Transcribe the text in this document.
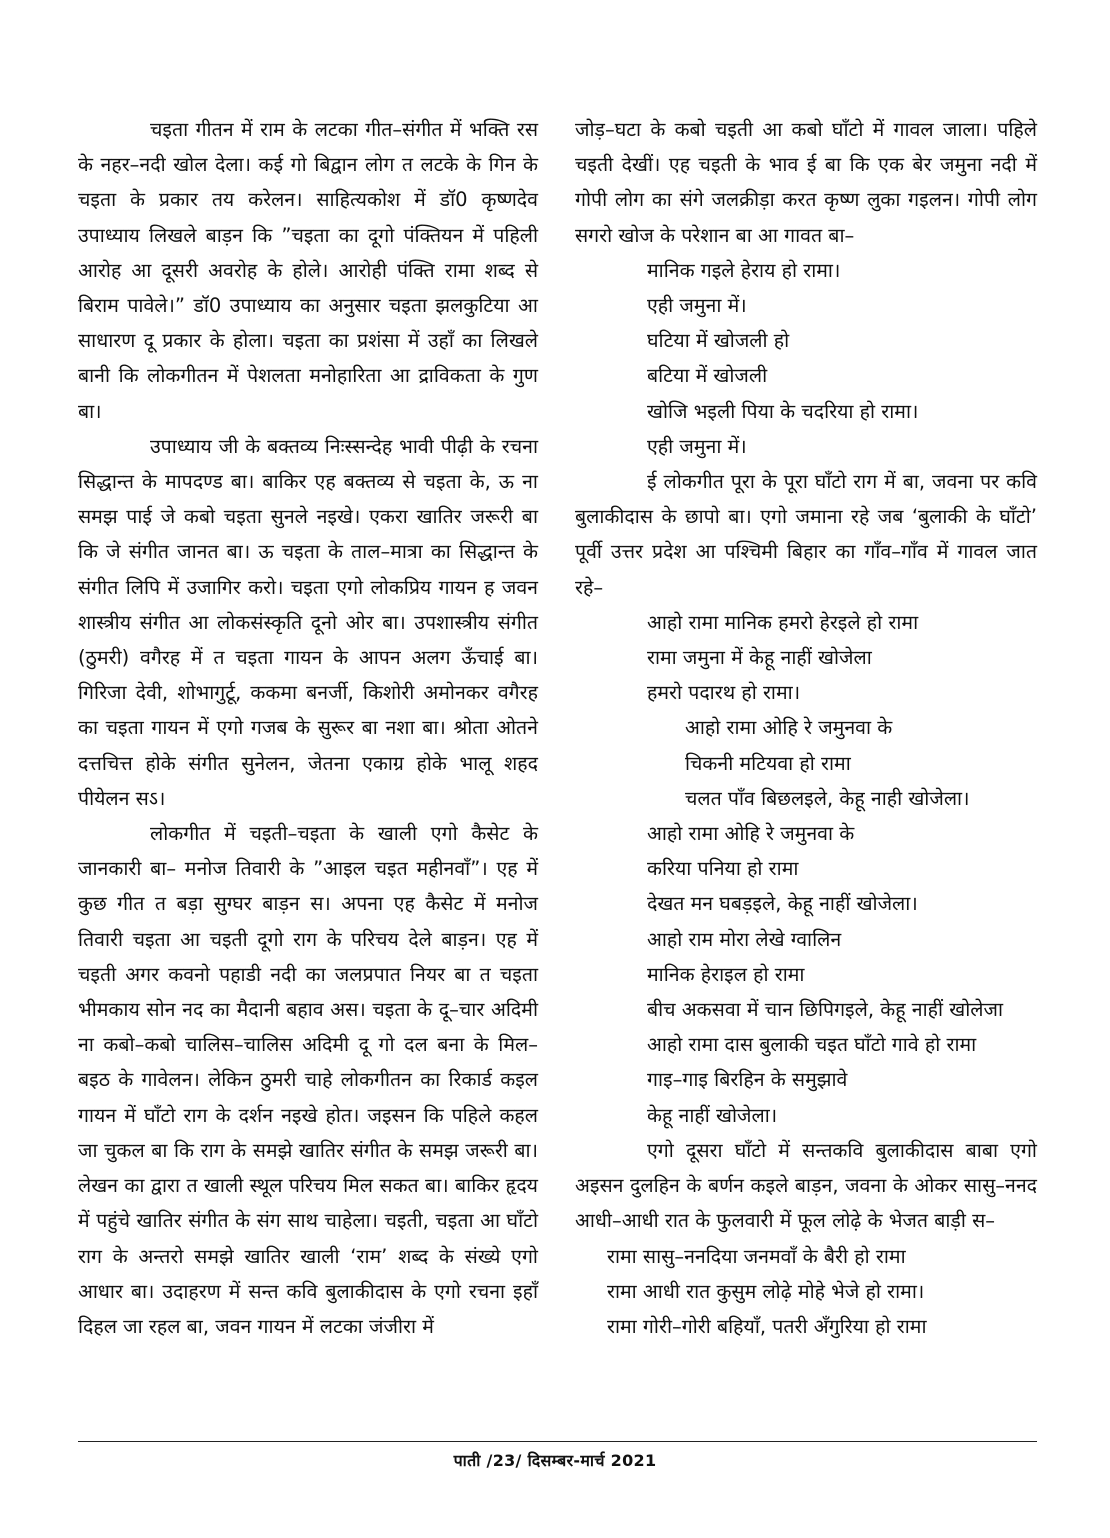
चइता गीतन में राम के लटका गीत–संगीत में भक्ति रस के नहर–नदी खोल देला। कई गो बिद्वान लोग त लटके के गिन के चइता के प्रकार तय करेलन। साहित्यकोश में डॉ0 कृष्णदेव उपाध्याय लिखले बाड़न कि ”चइता का दूगो पंक्तियन में पहिली आरोह आ दूसरी अवरोह के होले। आरोही पंक्ति रामा शब्द से बिराम पावेले।” डॉ0 उपाध्याय का अनुसार चइता झलकुटिया आ साधारण दू प्रकार के होला। चइता का प्रशंसा में उहाँ का लिखले बानी कि लोकगीतन में पेशलता मनोहारिता आ द्राविकता के गुण बा।

उपाध्याय जी के बक्तव्य निःस्सन्देह भावी पीढ़ी के रचना सिद्धान्त के मापदण्ड बा। बाकिर एह बक्तव्य से चइता के, ऊ ना समझ पाई जे कबो चइता सुनले नइखे। एकरा खातिर जरूरी बा कि जे संगीत जानत बा। ऊ चइता के ताल–मात्रा का सिद्धान्त के संगीत लिपि में उजागिर करो। चइता एगो लोकप्रिय गायन ह जवन शास्त्रीय संगीत आ लोकसंस्कृति दूनो ओर बा। उपशास्त्रीय संगीत (ठुमरी) वगैरह में त चइता गायन के आपन अलग ऊँचाई बा। गिरिजा देवी, शोभागुर्टू, ककमा बनर्जी, किशोरी अमोनकर वगैरह का चइता गायन में एगो गजब के सुरूर बा नशा बा। श्रोता ओतने दत्तचित्त होके संगीत सुनेलन, जेतना एकाग्र होके भालू शहद पीयेलन सऽ।

लोकगीत में चइती–चइता के खाली एगो कैसेट के जानकारी बा– मनोज तिवारी के ”आइल चइत महीनवाँ”। एह में कुछ गीत त बड़ा सुग्घर बाड़न स। अपना एह कैसेट में मनोज तिवारी चइता आ चइती दूगो राग के परिचय देले बाड़न। एह में चइती अगर कवनो पहाडी नदी का जलप्रपात नियर बा त चइता भीमकाय सोन नद का मैदानी बहाव अस। चइता के दू–चार अदिमी ना कबो–कबो चालिस–चालिस अदिमी दू गो दल बना के मिल–बइठ के गावेलन। लेकिन ठुमरी चाहे लोकगीतन का रिकार्ड कइल गायन में घाँटो राग के दर्शन नइखे होत। जइसन कि पहिले कहल जा चुकल बा कि राग के समझे खातिर संगीत के समझ जरूरी बा। लेखन का द्वारा त खाली स्थूल परिचय मिल सकत बा। बाकिर हृदय में पहुंचे खातिर संगीत के संग साथ चाहेला। चइती, चइता आ घाँटो राग के अन्तरो समझे खातिर खाली ‘राम’ शब्द के संख्ये एगो आधार बा। उदाहरण में सन्त कवि बुलाकीदास के एगो रचना इहाँ दिहल जा रहल बा, जवन गायन में लटका जंजीरा में

जोड़–घटा के कबो चइती आ कबो घाँटो में गावल जाला। पहिले चइती देखीं। एह चइती के भाव ई बा कि एक बेर जमुना नदी में गोपी लोग का संगे जलक्रीड़ा करत कृष्ण लुका गइलन। गोपी लोग सगरो खोज के परेशान बा आ गावत बा–

मानिक गइले हेराय हो रामा।

एही जमुना में।

घटिया में खोजली हो

बटिया में खोजली

खोजि भइली पिया के चदरिया हो रामा।

एही जमुना में।

ई लोकगीत पूरा के पूरा घाँटो राग में बा, जवना पर कवि बुलाकीदास के छापो बा। एगो जमाना रहे जब ‘बुलाकी के घाँटो’ पूर्वी उत्तर प्रदेश आ पश्चिमी बिहार का गाँव–गाँव में गावल जात रहे–

आहो रामा मानिक हमरो हेरइले हो रामा

रामा जमुना में केहू नाहीं खोजेला

हमरो पदारथ हो रामा।

आहो रामा ओहि रे जमुनवा के

चिकनी मटियवा हो रामा

चलत पाँव बिछलइले, केहू नाही खोजेला।

आहो रामा ओहि रे जमुनवा के

करिया पनिया हो रामा

देखत मन घबड़इले, केहू नाहीं खोजेला।

आहो राम मोरा लेखे ग्वालिन

मानिक हेराइल हो रामा

बीच अकसवा में चान छिपिगइले, केहू नाहीं खोलेजा

आहो रामा दास बुलाकी चइत घाँटो गावे हो रामा

गाइ–गाइ बिरहिन के समुझावे

केहू नाहीं खोजेला।

एगो दूसरा घाँटो में सन्तकवि बुलाकीदास बाबा एगो अइसन दुलहिन के बर्णन कइले बाड़न, जवना के ओकर सासु–ननद आधी–आधी रात के फुलवारी में फूल लोढ़े के भेजत बाड़ी स–

रामा सासु–ननदिया जनमवाँ के बैरी हो रामा

रामा आधी रात कुसुम लोढ़े मोहे भेजे हो रामा।

रामा गोरी–गोरी बहियाँ, पतरी अँगुरिया हो रामा

पाती /23/ दिसम्बर-मार्च 2021
